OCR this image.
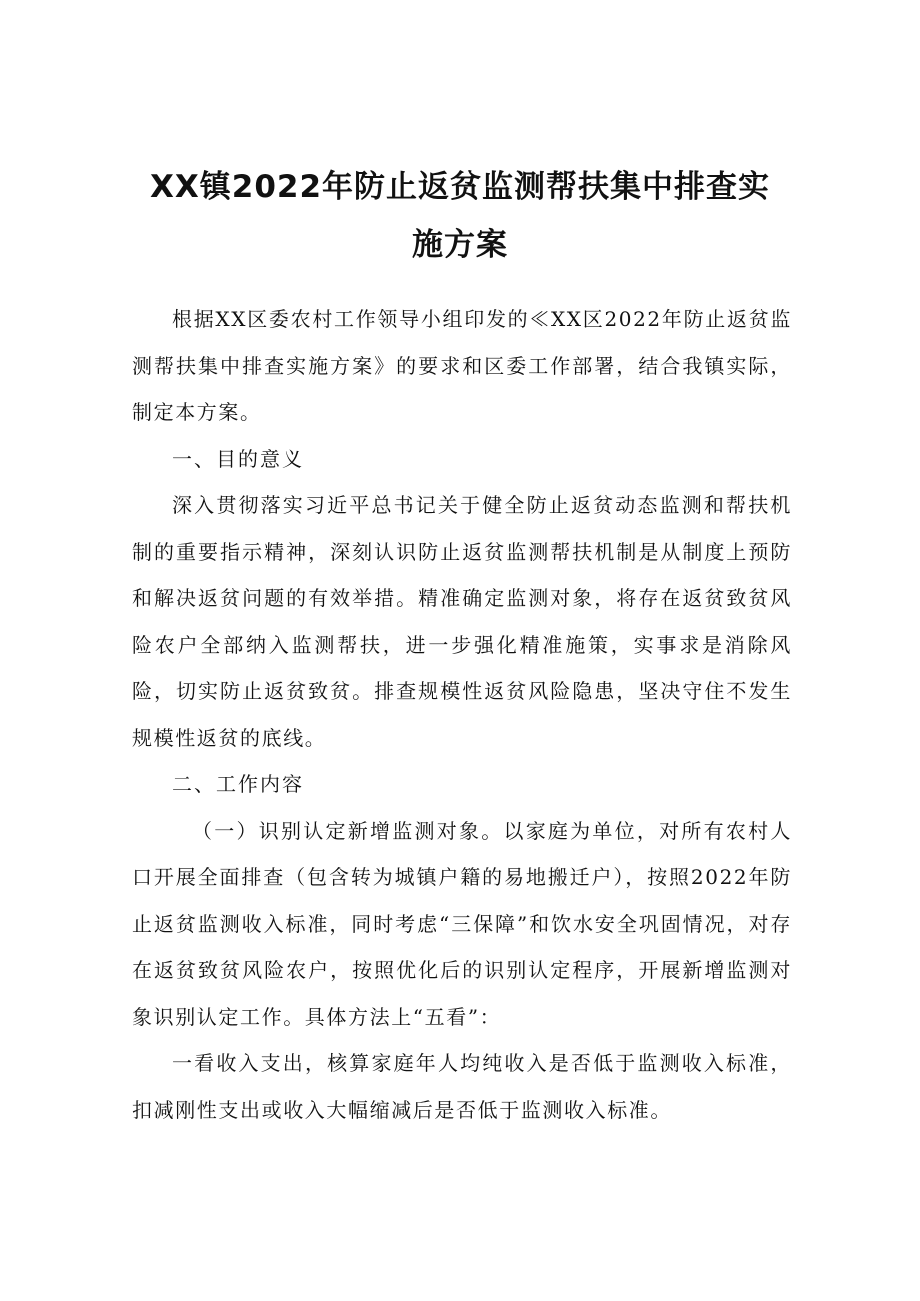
XX镇2022年防止返贫监测帮扶集中排查实
施方案

根据XX区委农村工作领导小组印发的≪XX区2022年防止返贫监测帮扶集中排查实施方案》的要求和区委工作部署，结合我镇实际，制定本方案。

一、目的意义

深入贯彻落实习近平总书记关于健全防止返贫动态监测和帮扶机制的重要指示精神，深刻认识防止返贫监测帮扶机制是从制度上预防和解决返贫问题的有效举措。精准确定监测对象，将存在返贫致贫风险农户全部纳入监测帮扶，进一步强化精准施策，实事求是消除风险，切实防止返贫致贫。排查规模性返贫风险隐患，坚决守住不发生规模性返贫的底线。

二、工作内容

（一）识别认定新增监测对象。以家庭为单位，对所有农村人口开展全面排查（包含转为城镇户籍的易地搬迁户），按照2022年防止返贫监测收入标准，同时考虑“三保障”和饮水安全巩固情况，对存在返贫致贫风险农户，按照优化后的识别认定程序，开展新增监测对象识别认定工作。具体方法上“五看”：

一看收入支出，核算家庭年人均纯收入是否低于监测收入标准，扣减刚性支出或收入大幅缩减后是否低于监测收入标准。
